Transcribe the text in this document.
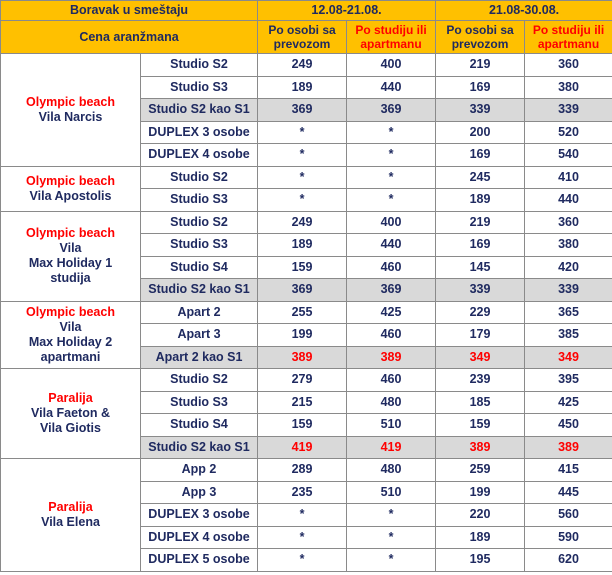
Boravak u smeštaju		12.08-21.08.		21.08-30.08.	
Cena aranžmana		Po osobi sa prevozom	Po studiju ili apartmanu	Po osobi sa prevozom	Po studiju ili apartmanu

Olympic beach
Vila Narcis	Studio S2	249	400	219	360
	Studio S3	189	440	169	380
	Studio S2 kao S1	369	369	339	339
	DUPLEX 3 osobe	*	*	200	520
	DUPLEX 4 osobe	*	*	169	540

Olympic beach
Vila Apostolis	Studio S2	*	*	245	410
	Studio S3	*	*	189	440

Olympic beach
Vila
Max Holiday 1
studija	Studio S2	249	400	219	360
	Studio S3	189	440	169	380
	Studio S4	159	460	145	420
	Studio S2 kao S1	369	369	339	339

Olympic beach
Vila
Max Holiday 2
apartmani	Apart 2	255	425	229	365
	Apart 3	199	460	179	385
	Apart 2 kao S1	389	389	349	349

Paralija
Vila Faeton &
Vila Giotis	Studio S2	279	460	239	395
	Studio S3	215	480	185	425
	Studio S4	159	510	159	450
	Studio S2 kao S1	419	419	389	389

Paralija
Vila Elena	App 2	289	480	259	415
	App 3	235	510	199	445
	DUPLEX 3 osobe	*	*	220	560
	DUPLEX 4 osobe	*	*	189	590
	DUPLEX 5 osobe	*	*	195	620
